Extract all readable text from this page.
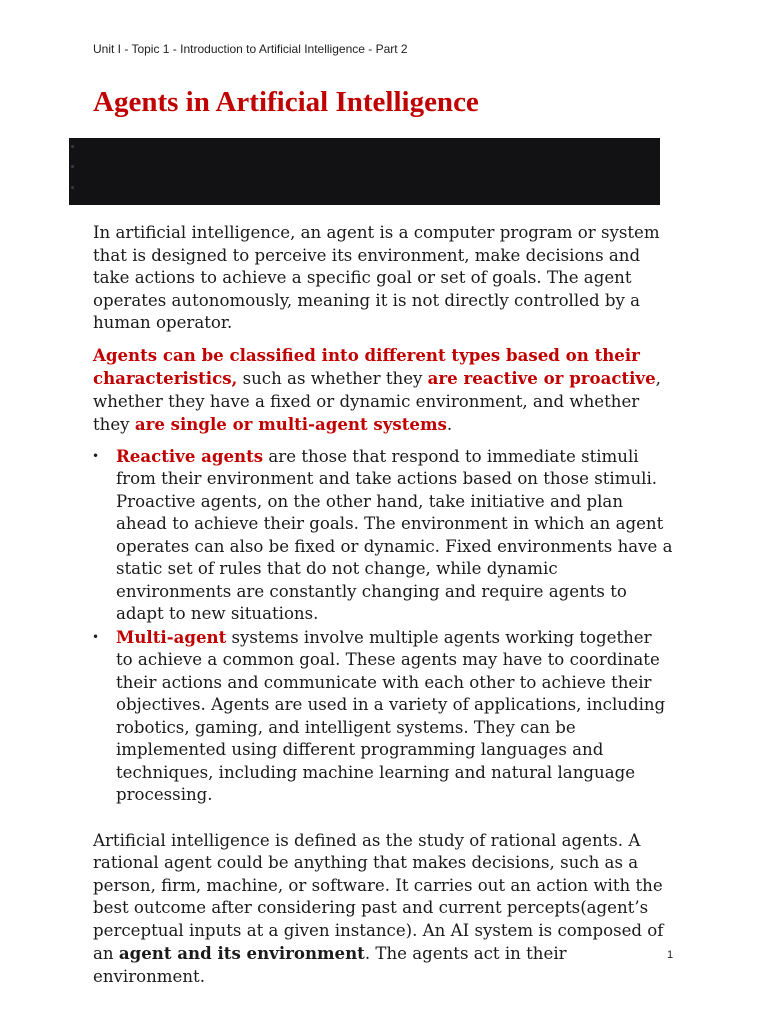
Unit I - Topic 1 - Introduction to Artificial Intelligence - Part 2
Agents in Artificial Intelligence

In artificial intelligence, an agent is a computer program or system that is designed to perceive its environment, make decisions and take actions to achieve a specific goal or set of goals. The agent operates autonomously, meaning it is not directly controlled by a human operator.

Agents can be classified into different types based on their characteristics, such as whether they are reactive or proactive, whether they have a fixed or dynamic environment, and whether they are single or multi-agent systems.

• Reactive agents are those that respond to immediate stimuli from their environment and take actions based on those stimuli. Proactive agents, on the other hand, take initiative and plan ahead to achieve their goals. The environment in which an agent operates can also be fixed or dynamic. Fixed environments have a static set of rules that do not change, while dynamic environments are constantly changing and require agents to adapt to new situations.
• Multi-agent systems involve multiple agents working together to achieve a common goal. These agents may have to coordinate their actions and communicate with each other to achieve their objectives. Agents are used in a variety of applications, including robotics, gaming, and intelligent systems. They can be implemented using different programming languages and techniques, including machine learning and natural language processing.

Artificial intelligence is defined as the study of rational agents. A rational agent could be anything that makes decisions, such as a person, firm, machine, or software. It carries out an action with the best outcome after considering past and current percepts(agent’s perceptual inputs at a given instance). An AI system is composed of an agent and its environment. The agents act in their environment.

1
